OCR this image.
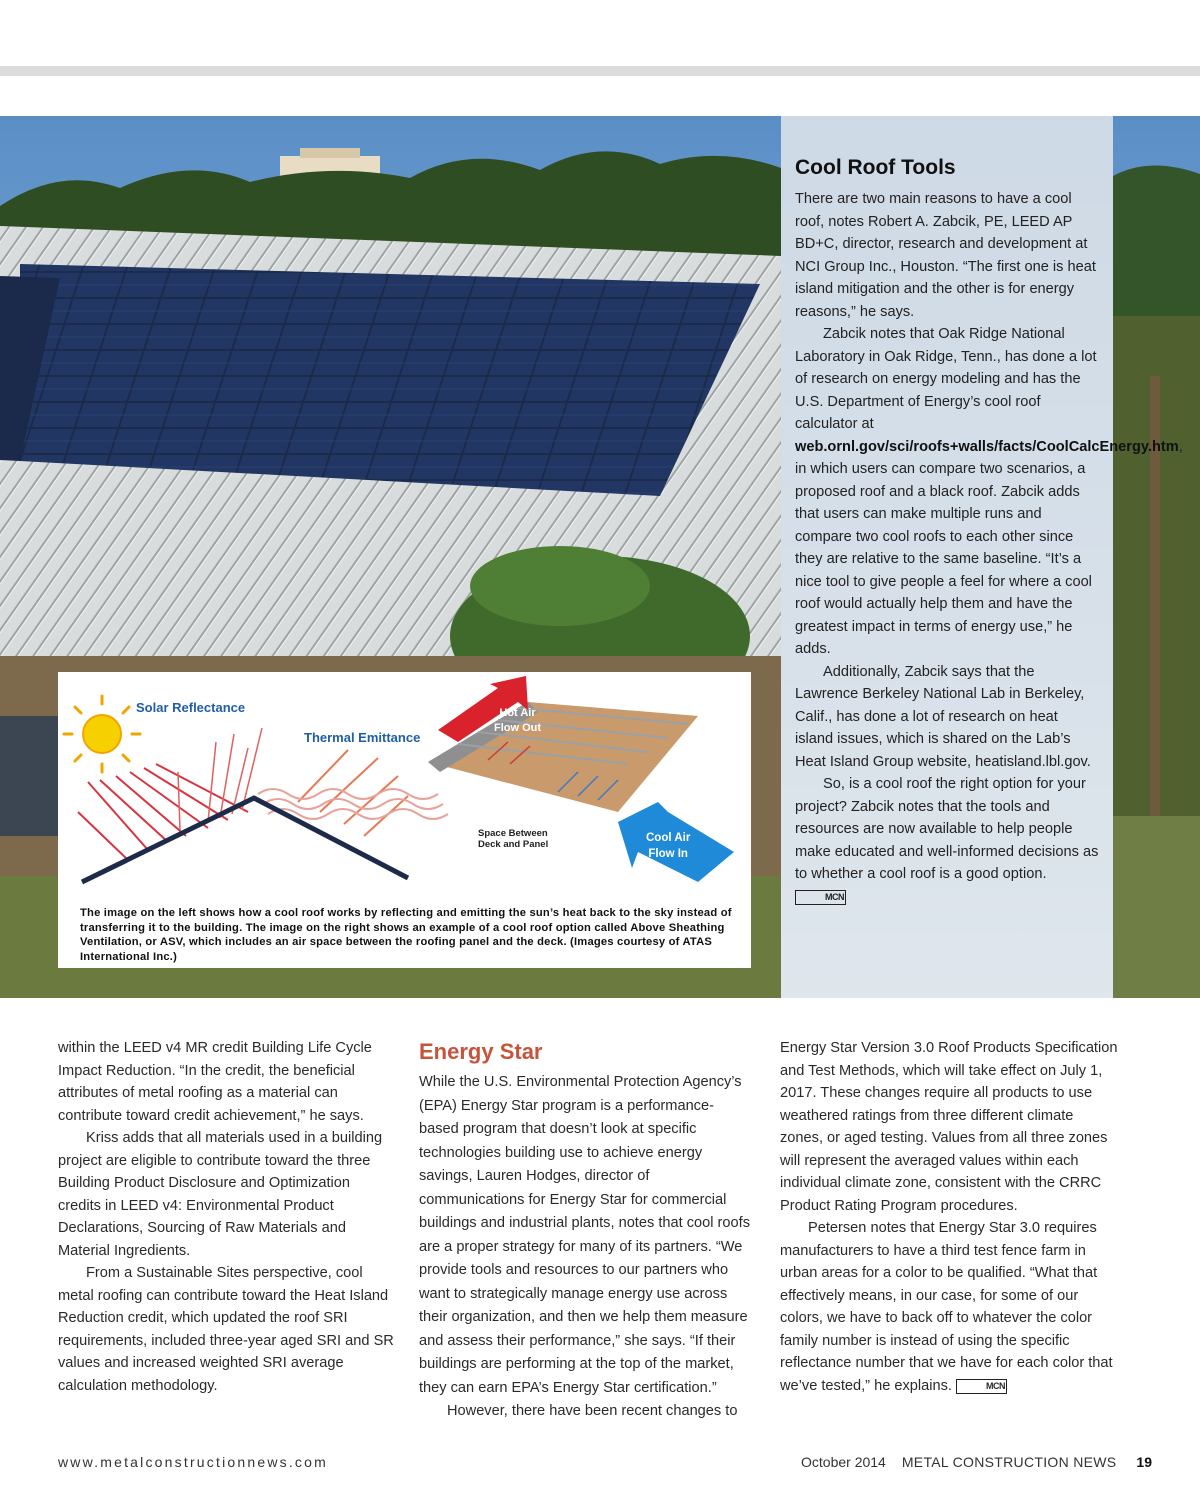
Cool Roof Tools

There are two main reasons to have a cool roof, notes Robert A. Zabcik, PE, LEED AP BD+C, director, research and development at NCI Group Inc., Houston. “The first one is heat island mitigation and the other is for energy reasons,” he says.

Zabcik notes that Oak Ridge National Laboratory in Oak Ridge, Tenn., has done a lot of research on energy modeling and has the U.S. Department of Energy’s cool roof calculator at web.ornl.gov/sci/roofs+walls/facts/CoolCalcEnergy.htm, in which users can compare two scenarios, a proposed roof and a black roof. Zabcik adds that users can make multiple runs and compare two cool roofs to each other since they are relative to the same baseline. “It’s a nice tool to give people a feel for where a cool roof would actually help them and have the greatest impact in terms of energy use,” he adds.

Additionally, Zabcik says that the Lawrence Berkeley National Lab in Berkeley, Calif., has done a lot of research on heat island issues, which is shared on the Lab’s Heat Island Group website, heatisland.lbl.gov.

So, is a cool roof the right option for your project? Zabcik notes that the tools and resources are now available to help people make educated and well-informed decisions as to whether a cool roof is a good option. MCN

Solar Reflectance
Thermal Emittance
Hot Air
Flow Out
Cool Air
Flow In
Space Between
Deck and Panel
The image on the left shows how a cool roof works by reflecting and emitting the sun’s heat back to the sky instead of transferring it to the building. The image on the right shows an example of a cool roof option called Above Sheathing Ventilation, or ASV, which includes an air space between the roofing panel and the deck. (Images courtesy of ATAS International Inc.)

within the LEED v4 MR credit Building Life Cycle Impact Reduction. “In the credit, the beneficial attributes of metal roofing as a material can contribute toward credit achievement,” he says.

Kriss adds that all materials used in a building project are eligible to contribute toward the three Building Product Disclosure and Optimization credits in LEED v4: Environmental Product Declarations, Sourcing of Raw Materials and Material Ingredients.

From a Sustainable Sites perspective, cool metal roofing can contribute toward the Heat Island Reduction credit, which updated the roof SRI requirements, included three-year aged SRI and SR values and increased weighted SRI average calculation methodology.

Energy Star

While the U.S. Environmental Protection Agency’s (EPA) Energy Star program is a performance-based program that doesn’t look at specific technologies building use to achieve energy savings, Lauren Hodges, director of communications for Energy Star for commercial buildings and industrial plants, notes that cool roofs are a proper strategy for many of its partners. “We provide tools and resources to our partners who want to strategically manage energy use across their organization, and then we help them measure and assess their performance,” she says. “If their buildings are performing at the top of the market, they can earn EPA’s Energy Star certification.”

However, there have been recent changes to

Energy Star Version 3.0 Roof Products Specification and Test Methods, which will take effect on July 1, 2017. These changes require all products to use weathered ratings from three different climate zones, or aged testing. Values from all three zones will represent the averaged values within each individual climate zone, consistent with the CRRC Product Rating Program procedures.

Petersen notes that Energy Star 3.0 requires manufacturers to have a third test fence farm in urban areas for a color to be qualified. “What that effectively means, in our case, for some of our colors, we have to back off to whatever the color family number is instead of using the specific reflectance number that we have for each color that we’ve tested,” he explains.	MCN

www.metalconstructionnews.com	October 2014 METAL CONSTRUCTION NEWS 19
